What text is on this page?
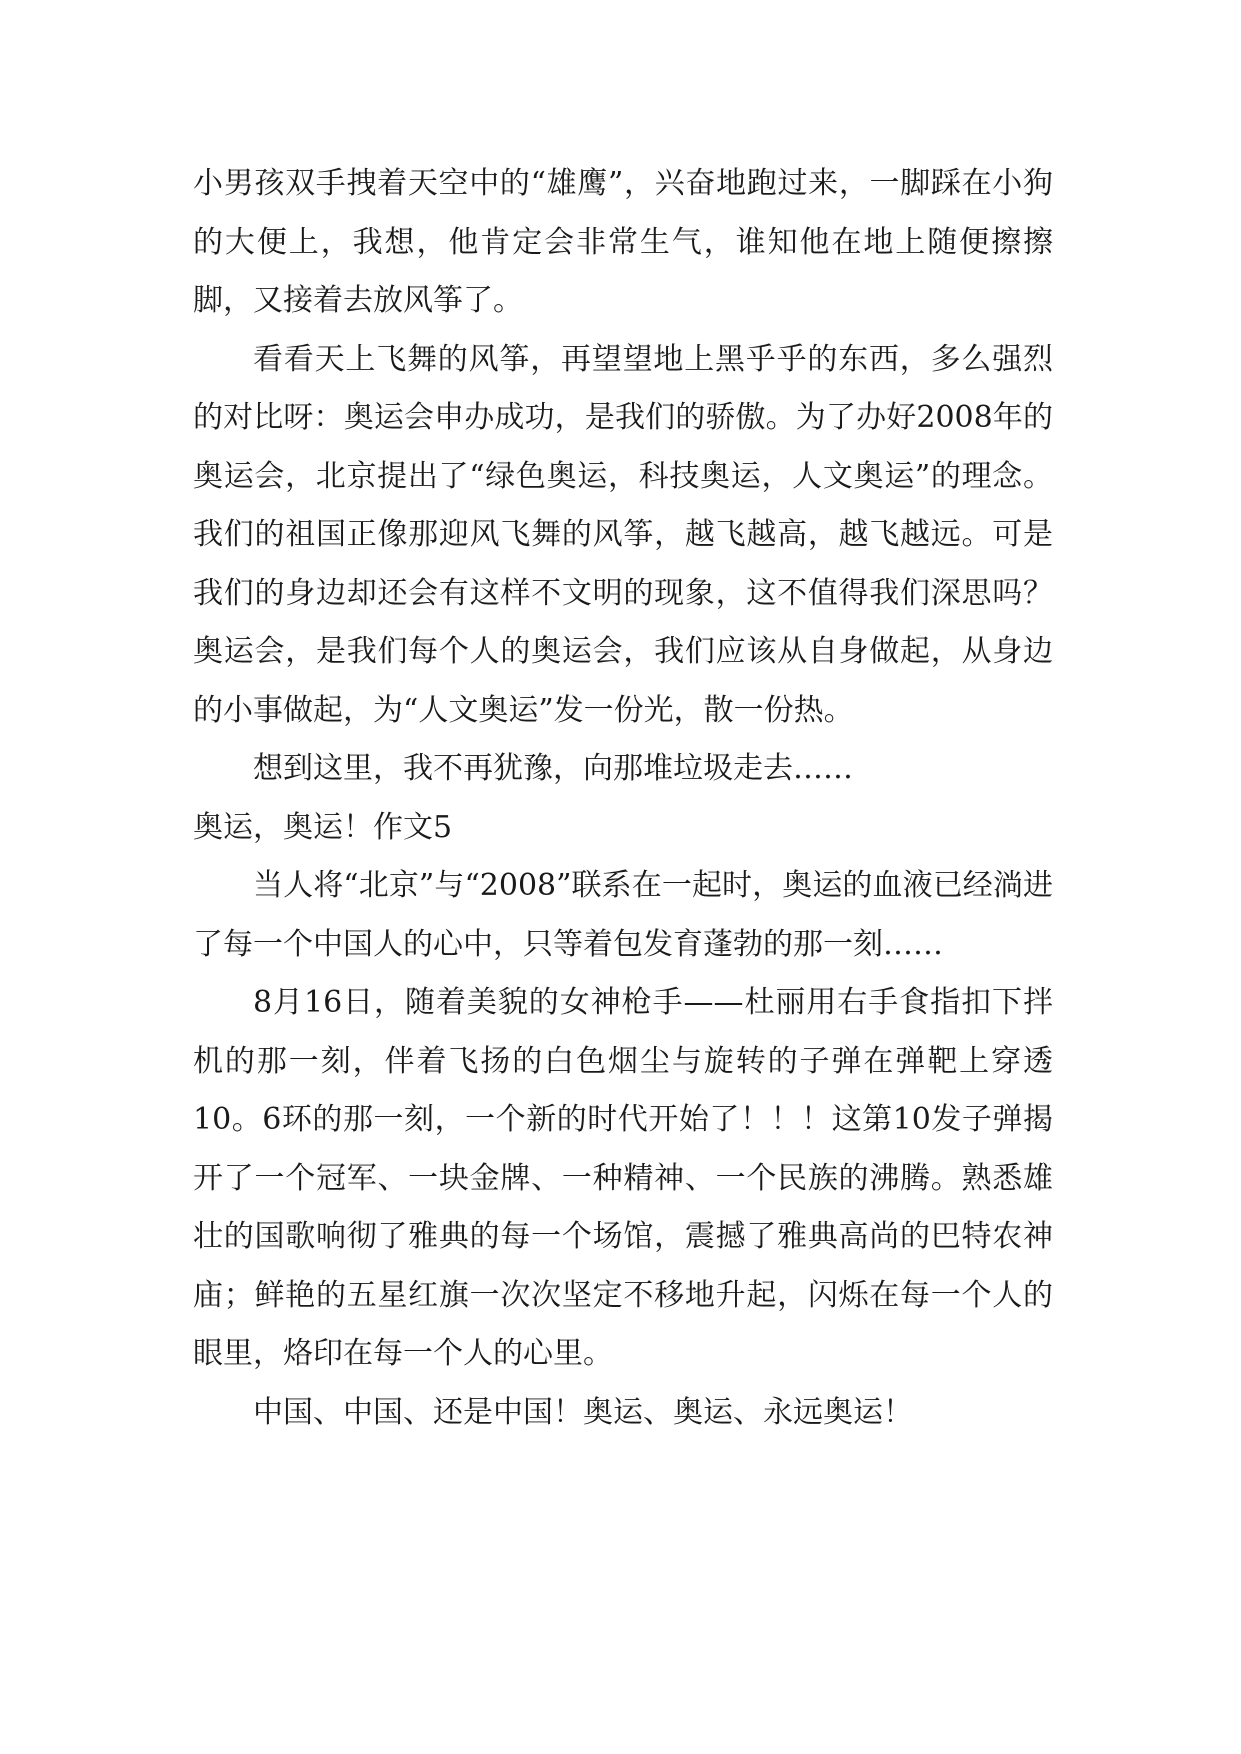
小男孩双手拽着天空中的“雄鹰”，兴奋地跑过来，一脚踩在小狗的大便上，我想，他肯定会非常生气，谁知他在地上随便擦擦脚，又接着去放风筝了。

看看天上飞舞的风筝，再望望地上黑乎乎的东西，多么强烈的对比呀：奥运会申办成功，是我们的骄傲。为了办好2008年的奥运会，北京提出了“绿色奥运，科技奥运，人文奥运”的理念。我们的祖国正像那迎风飞舞的风筝，越飞越高，越飞越远。可是我们的身边却还会有这样不文明的现象，这不值得我们深思吗？奥运会，是我们每个人的奥运会，我们应该从自身做起，从身边的小事做起，为“人文奥运”发一份光，散一份热。

想到这里，我不再犹豫，向那堆垃圾走去……

奥运，奥运！作文5

当人将“北京”与“2008”联系在一起时，奥运的血液已经淌进了每一个中国人的心中，只等着包发育蓬勃的那一刻……

8月16日，随着美貌的女神枪手——杜丽用右手食指扣下拌机的那一刻，伴着飞扬的白色烟尘与旋转的子弹在弹靶上穿透10。6环的那一刻，一个新的时代开始了！！！这第10发子弹揭开了一个冠军、一块金牌、一种精神、一个民族的沸腾。熟悉雄壮的国歌响彻了雅典的每一个场馆，震撼了雅典高尚的巴特农神庙；鲜艳的五星红旗一次次坚定不移地升起，闪烁在每一个人的眼里，烙印在每一个人的心里。

中国、中国、还是中国！奥运、奥运、永远奥运！
